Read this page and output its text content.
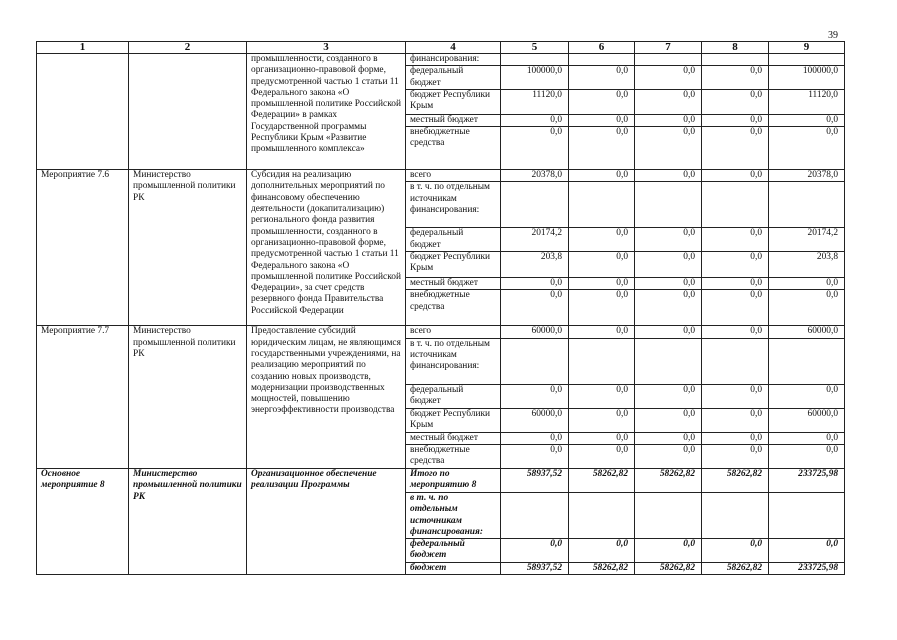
39
1	2	3	4	5	6	7	8	9
		промышленности, созданного в организационно-правовой форме, предусмотренной частью 1 статьи 11 Федерального закона «О промышленной политике Российской Федерации» в рамках Государственной программы Республики Крым «Развитие промышленного комплекса»	финансирования:					
			федеральный бюджет	100000,0	0,0	0,0	0,0	100000,0
			бюджет Республики Крым	11120,0	0,0	0,0	0,0	11120,0
			местный бюджет	0,0	0,0	0,0	0,0	0,0
			внебюджетные средства	0,0	0,0	0,0	0,0	0,0
Мероприятие 7.6	Министерство промышленной политики РК	Субсидия на реализацию дополнительных мероприятий по финансовому обеспечению деятельности (докапитализацию) регионального фонда развития промышленности, созданного в организационно-правовой форме, предусмотренной частью 1 статьи 11 Федерального закона «О промышленной политике Российской Федерации», за счет средств резервного фонда Правительства Российской Федерации	всего	20378,0	0,0	0,0	0,0	20378,0
			в т. ч. по отдельным источникам финансирования:					
			федеральный бюджет	20174,2	0,0	0,0	0,0	20174,2
			бюджет Республики Крым	203,8	0,0	0,0	0,0	203,8
			местный бюджет	0,0	0,0	0,0	0,0	0,0
			внебюджетные средства	0,0	0,0	0,0	0,0	0,0
Мероприятие 7.7	Министерство промышленной политики РК	Предоставление субсидий юридическим лицам, не являющимся государственными учреждениями, на реализацию мероприятий по созданию новых производств, модернизации производственных мощностей, повышению энергоэффективности производства	всего	60000,0	0,0	0,0	0,0	60000,0
			в т. ч. по отдельным источникам финансирования:					
			федеральный бюджет	0,0	0,0	0,0	0,0	0,0
			бюджет Республики Крым	60000,0	0,0	0,0	0,0	60000,0
			местный бюджет	0,0	0,0	0,0	0,0	0,0
			внебюджетные средства	0,0	0,0	0,0	0,0	0,0
Основное мероприятие 8	Министерство промышленной политики РК	Организационное обеспечение реализации Программы	Итого по мероприятию 8	58937,52	58262,82	58262,82	58262,82	233725,98
			в т. ч. по отдельным источникам финансирования:					
			федеральный бюджет	0,0	0,0	0,0	0,0	0,0
			бюджет	58937,52	58262,82	58262,82	58262,82	233725,98
